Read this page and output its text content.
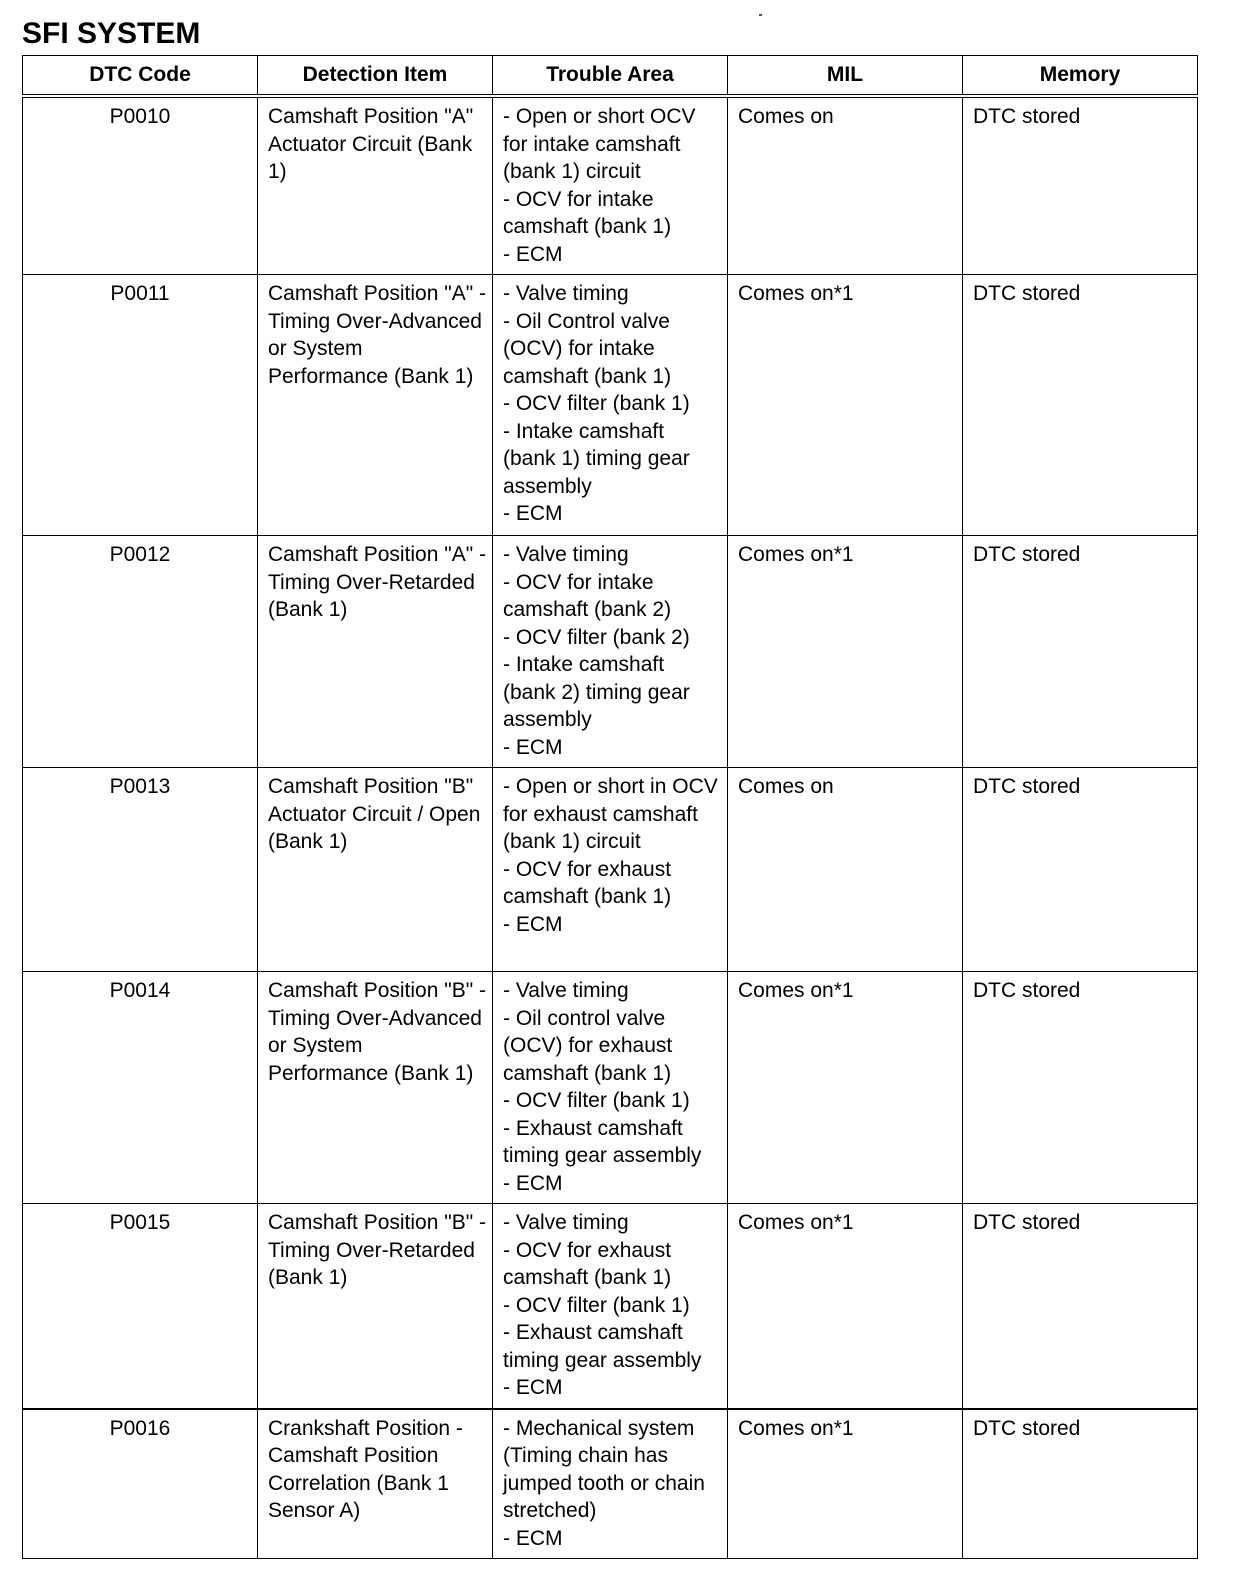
SFI SYSTEM
DTC Code	Detection Item	Trouble Area	MIL	Memory
P0010	Camshaft Position "A" Actuator Circuit (Bank 1)	- Open or short OCV for intake camshaft (bank 1) circuit
- OCV for intake camshaft (bank 1)
- ECM	Comes on	DTC stored
P0011	Camshaft Position "A" - Timing Over-Advanced or System Performance (Bank 1)	- Valve timing
- Oil Control valve (OCV) for intake camshaft (bank 1)
- OCV filter (bank 1)
- Intake camshaft (bank 1) timing gear assembly
- ECM	Comes on*1	DTC stored
P0012	Camshaft Position "A" - Timing Over-Retarded (Bank 1)	- Valve timing
- OCV for intake camshaft (bank 2)
- OCV filter (bank 2)
- Intake camshaft (bank 2) timing gear assembly
- ECM	Comes on*1	DTC stored
P0013	Camshaft Position "B" Actuator Circuit / Open (Bank 1)	- Open or short in OCV for exhaust camshaft (bank 1) circuit
- OCV for exhaust camshaft (bank 1)
- ECM	Comes on	DTC stored
P0014	Camshaft Position "B" - Timing Over-Advanced or System Performance (Bank 1)	- Valve timing
- Oil control valve (OCV) for exhaust camshaft (bank 1)
- OCV filter (bank 1)
- Exhaust camshaft timing gear assembly
- ECM	Comes on*1	DTC stored
P0015	Camshaft Position "B" - Timing Over-Retarded (Bank 1)	- Valve timing
- OCV for exhaust camshaft (bank 1)
- OCV filter (bank 1)
- Exhaust camshaft timing gear assembly
- ECM	Comes on*1	DTC stored
P0016	Crankshaft Position - Camshaft Position Correlation (Bank 1 Sensor A)	- Mechanical system (Timing chain has jumped tooth or chain stretched)
- ECM	Comes on*1	DTC stored
